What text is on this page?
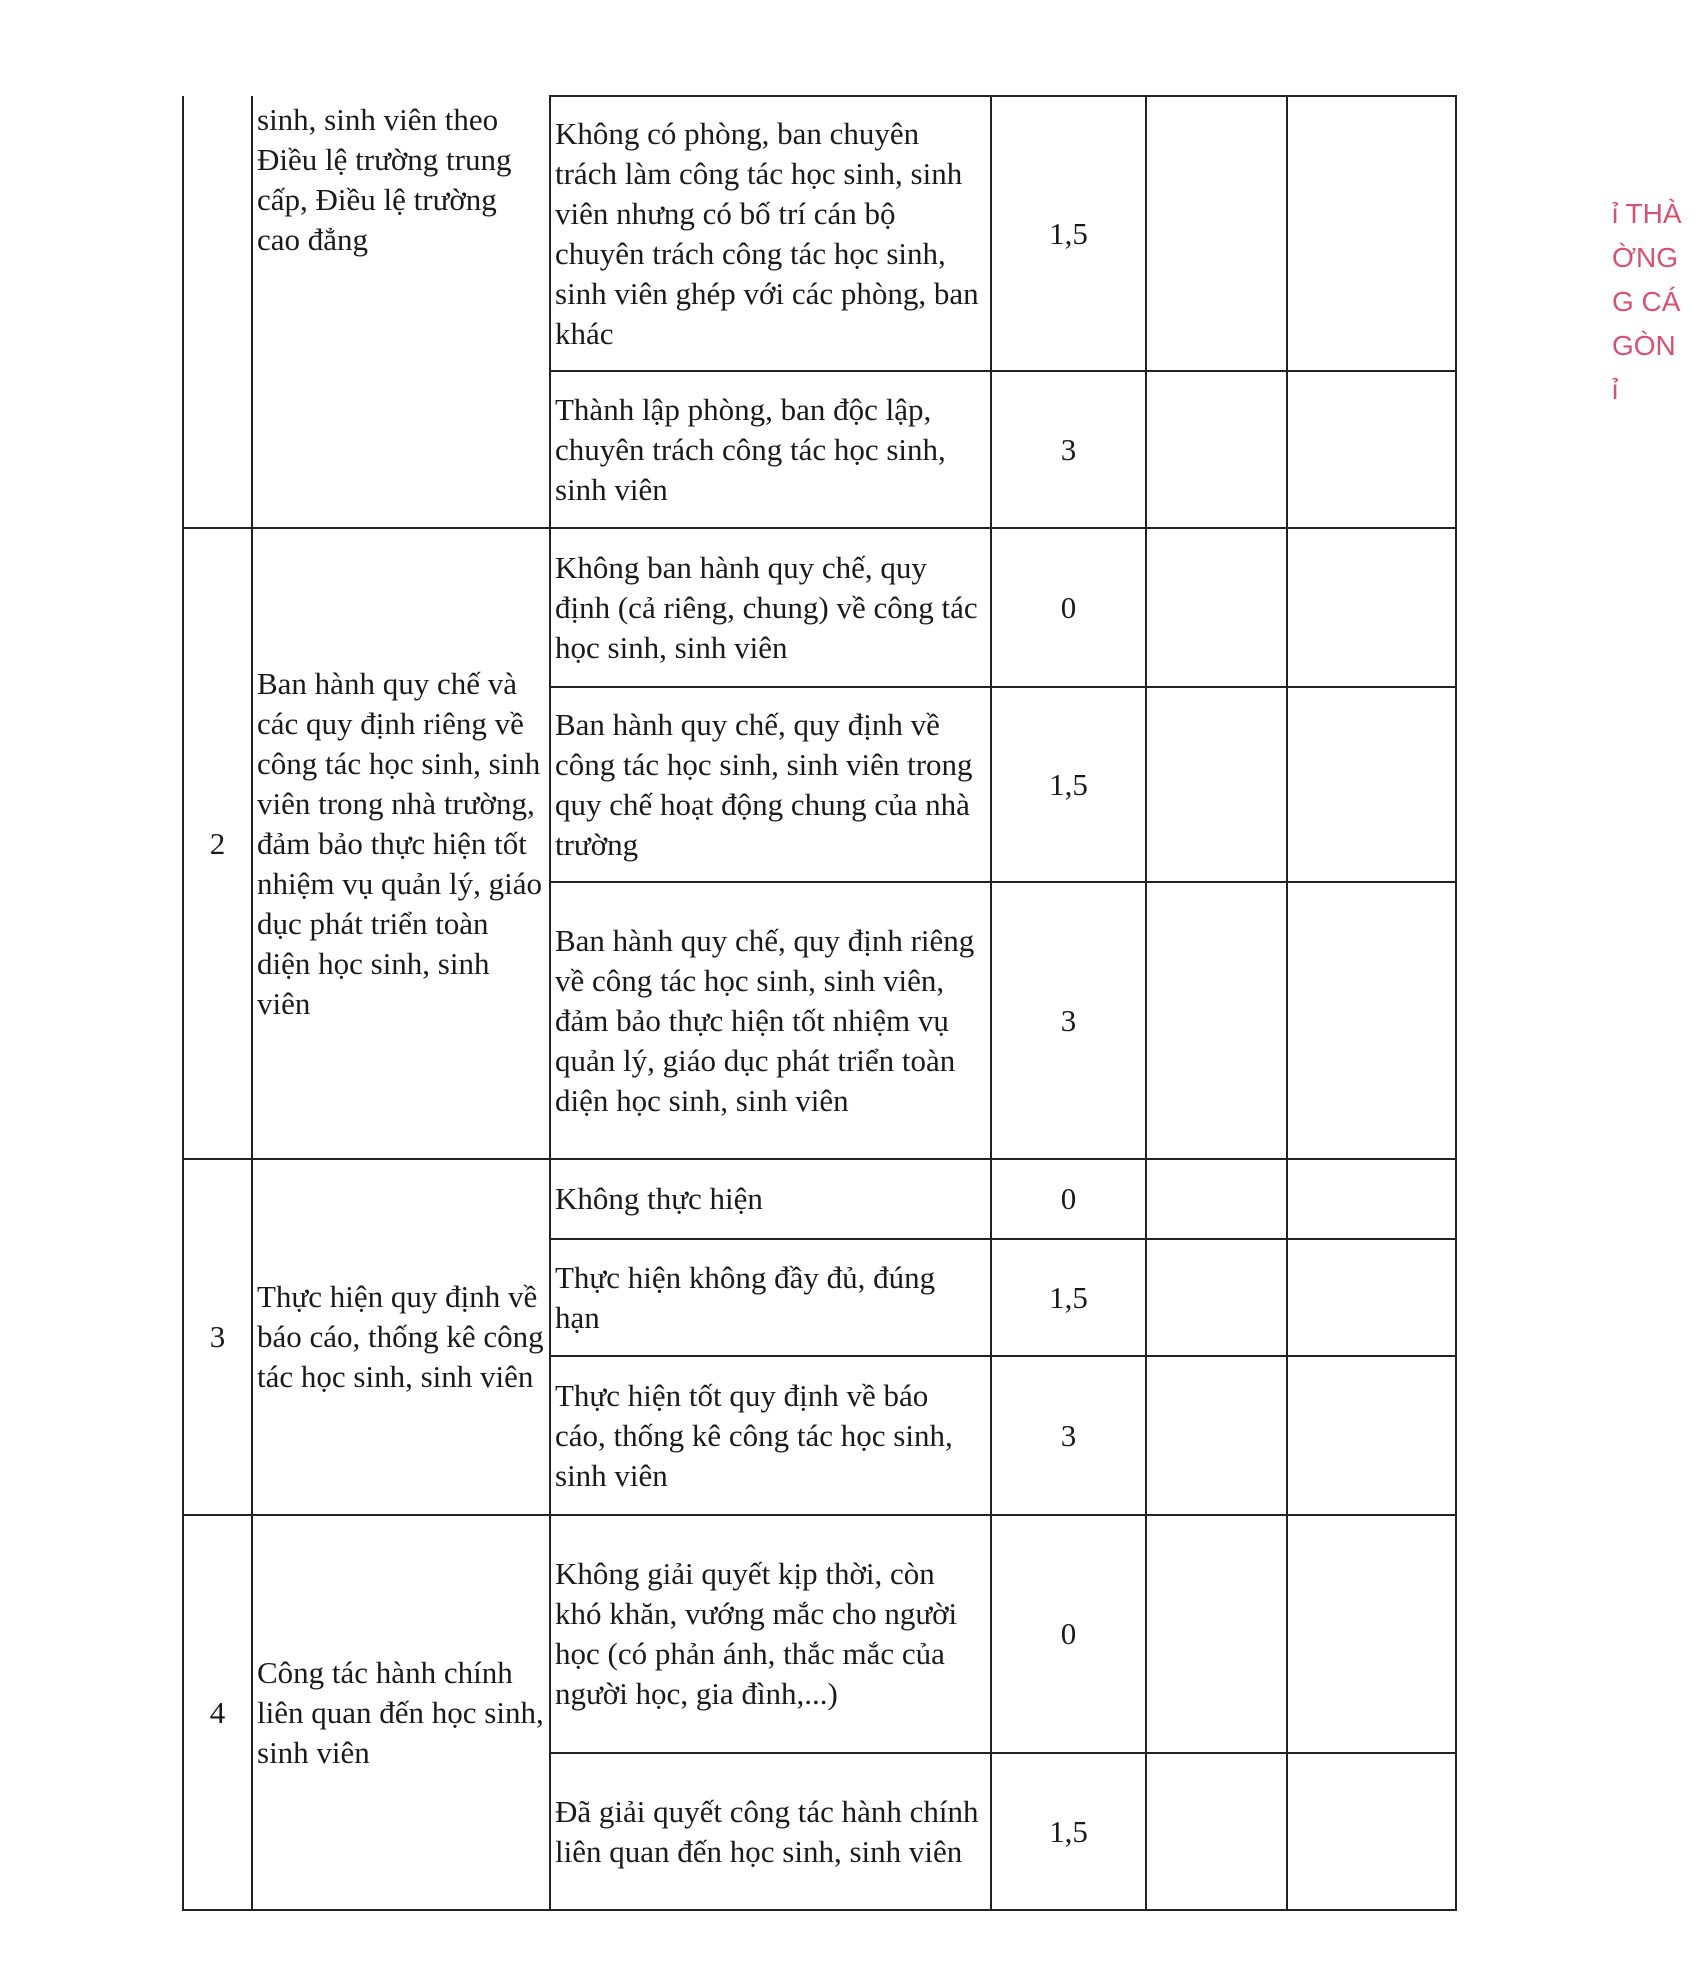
	sinh, sinh viên theo Điều lệ trường trung cấp, Điều lệ trường cao đẳng	Không có phòng, ban chuyên trách làm công tác học sinh, sinh viên nhưng có bố trí cán bộ chuyên trách công tác học sinh, sinh viên ghép với các phòng, ban khác	1,5		
		Thành lập phòng, ban độc lập, chuyên trách công tác học sinh, sinh viên	3		
2	Ban hành quy chế và các quy định riêng về công tác học sinh, sinh viên trong nhà trường, đảm bảo thực hiện tốt nhiệm vụ quản lý, giáo dục phát triển toàn diện học sinh, sinh viên	Không ban hành quy chế, quy định (cả riêng, chung) về công tác học sinh, sinh viên	0		
		Ban hành quy chế, quy định về công tác học sinh, sinh viên trong quy chế hoạt động chung của nhà trường	1,5		
		Ban hành quy chế, quy định riêng về công tác học sinh, sinh viên, đảm bảo thực hiện tốt nhiệm vụ quản lý, giáo dục phát triển toàn diện học sinh, sinh viên	3		
3	Thực hiện quy định về báo cáo, thống kê công tác học sinh, sinh viên	Không thực hiện	0		
		Thực hiện không đầy đủ, đúng hạn	1,5		
		Thực hiện tốt quy định về báo cáo, thống kê công tác học sinh, sinh viên	3		
4	Công tác hành chính liên quan đến học sinh, sinh viên	Không giải quyết kịp thời, còn khó khăn, vướng mắc cho người học (có phản ánh, thắc mắc của người học, gia đình,...)	0		
		Đã giải quyết công tác hành chính liên quan đến học sinh, sinh viên	1,5		
ỉ THÀ
ỜNG
G CÁ
GÒN
ỉ
